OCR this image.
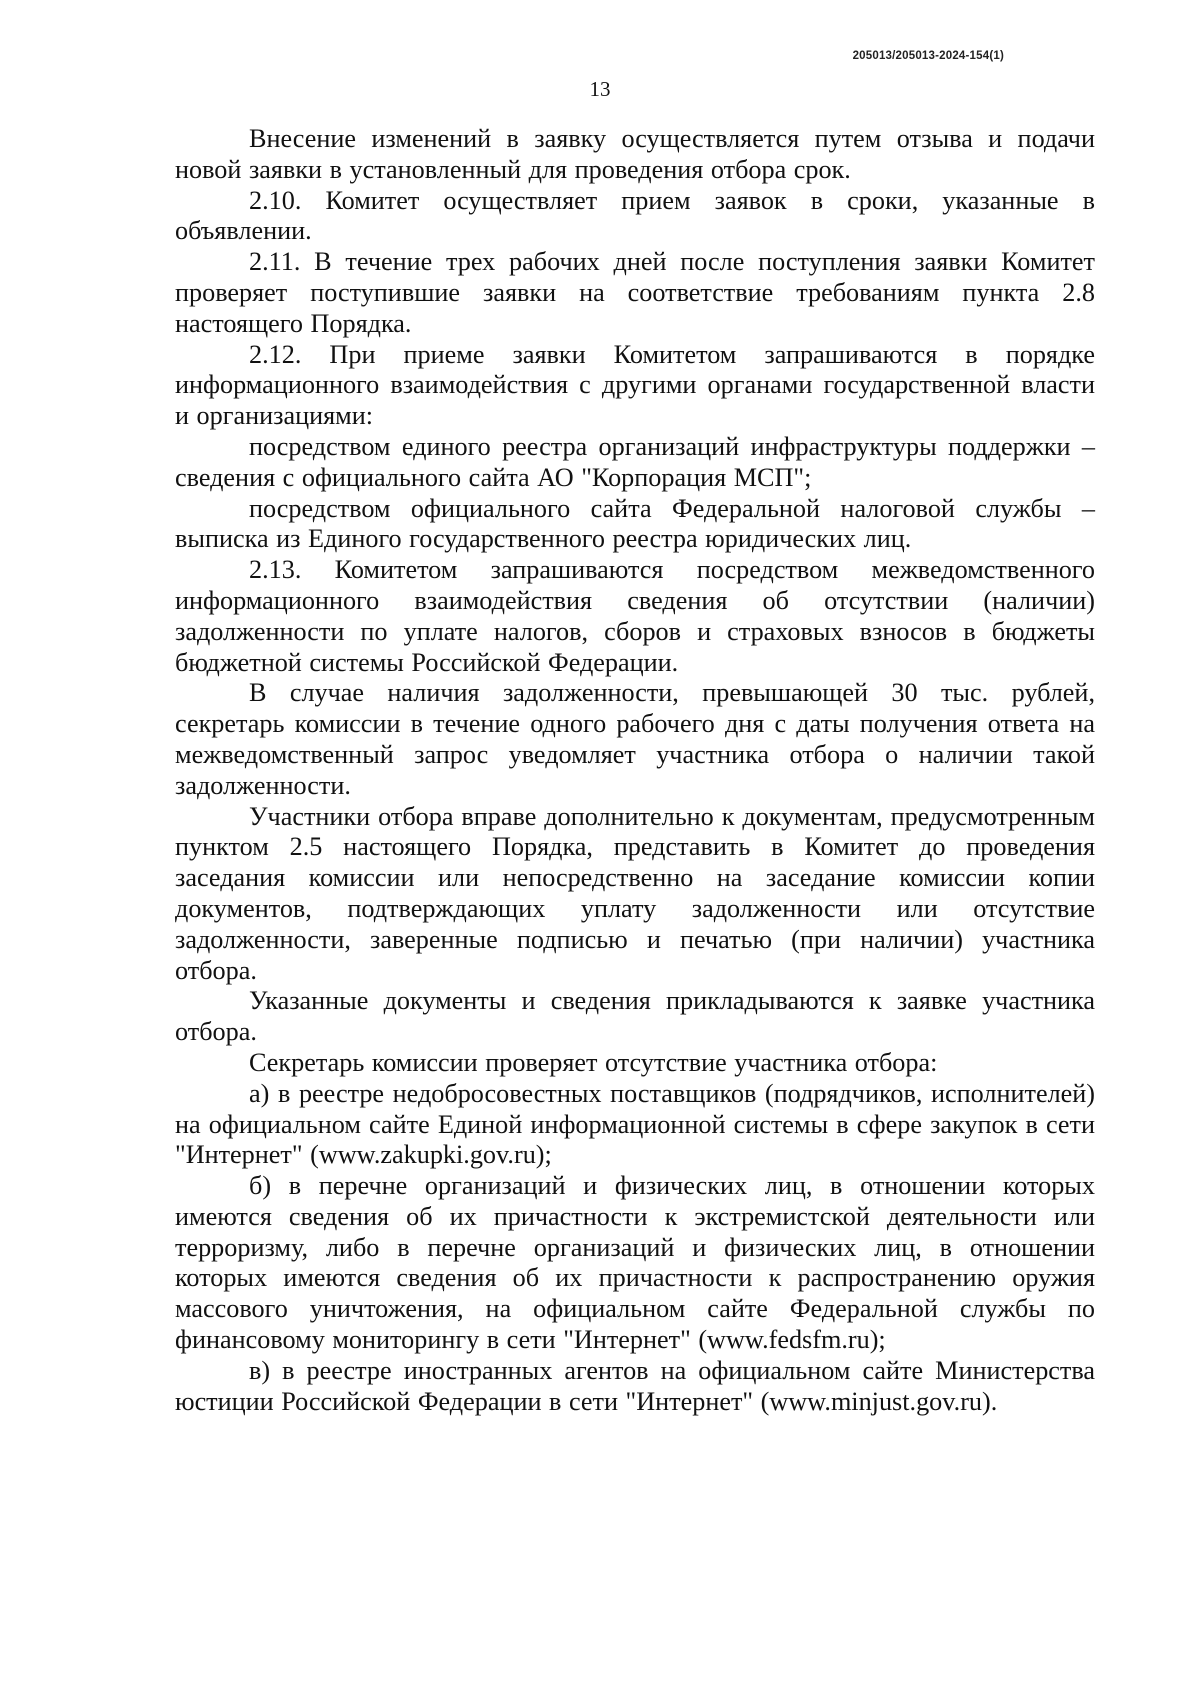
205013/205013-2024-154(1)
13

Внесение изменений в заявку осуществляется путем отзыва и подачи новой заявки в установленный для проведения отбора срок.

2.10. Комитет осуществляет прием заявок в сроки, указанные в объявлении.

2.11. В течение трех рабочих дней после поступления заявки Комитет проверяет поступившие заявки на соответствие требованиям пункта 2.8 настоящего Порядка.

2.12. При приеме заявки Комитетом запрашиваются в порядке информационного взаимодействия с другими органами государственной власти и организациями:

посредством единого реестра организаций инфраструктуры поддержки – сведения с официального сайта АО "Корпорация МСП";

посредством официального сайта Федеральной налоговой службы – выписка из Единого государственного реестра юридических лиц.

2.13. Комитетом запрашиваются посредством межведомственного информационного взаимодействия сведения об отсутствии (наличии) задолженности по уплате налогов, сборов и страховых взносов в бюджеты бюджетной системы Российской Федерации.

В случае наличия задолженности, превышающей 30 тыс. рублей, секретарь комиссии в течение одного рабочего дня с даты получения ответа на межведомственный запрос уведомляет участника отбора о наличии такой задолженности.

Участники отбора вправе дополнительно к документам, предусмотренным пунктом 2.5 настоящего Порядка, представить в Комитет до проведения заседания комиссии или непосредственно на заседание комиссии копии документов, подтверждающих уплату задолженности или отсутствие задолженности, заверенные подписью и печатью (при наличии) участника отбора.

Указанные документы и сведения прикладываются к заявке участника отбора.

Секретарь комиссии проверяет отсутствие участника отбора:

а) в реестре недобросовестных поставщиков (подрядчиков, исполнителей) на официальном сайте Единой информационной системы в сфере закупок в сети "Интернет" (www.zakupki.gov.ru);

б) в перечне организаций и физических лиц, в отношении которых имеются сведения об их причастности к экстремистской деятельности или терроризму, либо в перечне организаций и физических лиц, в отношении которых имеются сведения об их причастности к распространению оружия массового уничтожения, на официальном сайте Федеральной службы по финансовому мониторингу в сети "Интернет" (www.fedsfm.ru);

в) в реестре иностранных агентов на официальном сайте Министерства юстиции Российской Федерации в сети "Интернет" (www.minjust.gov.ru).
